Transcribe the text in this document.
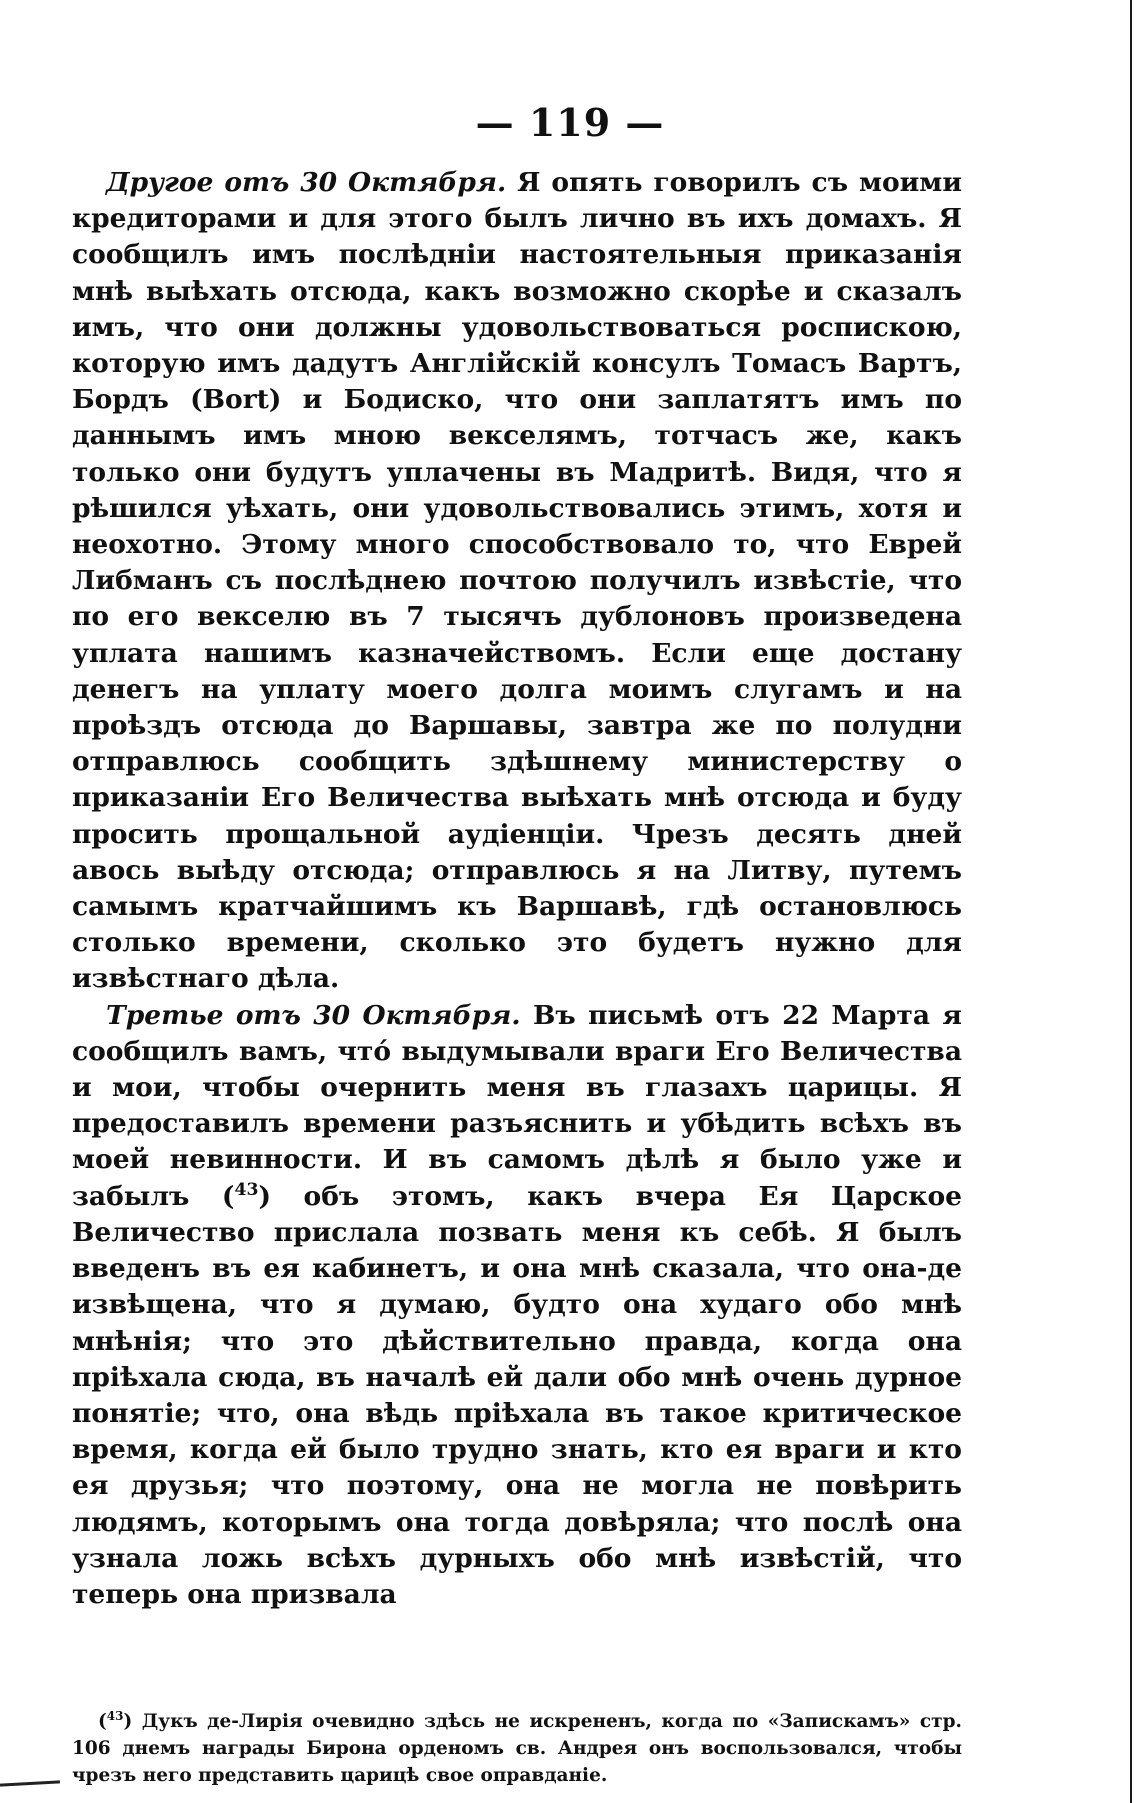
— 119 —

Другое отъ 30 Октября. Я опять говорилъ съ моими кредиторами и для этого былъ лично въ ихъ домахъ. Я сообщилъ имъ послѣдніи настоятельныя приказанія мнѣ выѣхать отсюда, какъ возможно скорѣе и сказалъ имъ, что они должны удовольствоваться роспискою, которую имъ дадутъ Англійскій консулъ Томасъ Вартъ, Бордъ (Bort) и Бодиско, что они заплатятъ имъ по даннымъ имъ мною векселямъ, тотчасъ же, какъ только они будутъ уплачены въ Мадритѣ. Видя, что я рѣшился уѣхать, они удовольствовались этимъ, хотя и неохотно. Этому много способствовало то, что Еврей Либманъ съ послѣднею почтою получилъ извѣстіе, что по его векселю въ 7 тысячъ дублоновъ произведена уплата нашимъ казначействомъ. Если еще достану денегъ на уплату моего долга моимъ слугамъ и на проѣздъ отсюда до Варшавы, завтра же по полудни отправлюсь сообщить здѣшнему министерству о приказаніи Его Величества выѣхать мнѣ отсюда и буду просить прощальной аудіенціи. Чрезъ десять дней авось выѣду отсюда; отправлюсь я на Литву, путемъ самымъ кратчайшимъ къ Варшавѣ, гдѣ остановлюсь столько времени, сколько это будетъ нужно для извѣстнаго дѣла.

Третье отъ 30 Октября. Въ письмѣ отъ 22 Марта я сообщилъ вамъ, что́ выдумывали враги Его Величества и мои, чтобы очернить меня въ глазахъ царицы. Я предоставилъ времени разъяснить и убѣдить всѣхъ въ моей невинности. И въ самомъ дѣлѣ я было уже и забылъ ($^{43}$) объ этомъ, какъ вчера Ея Царское Величество прислала позвать меня къ себѣ. Я былъ введенъ въ ея кабинетъ, и она мнѣ сказала, что она-де извѣщена, что я думаю, будто она худаго обо мнѣ мнѣнія; что это дѣйствительно правда, когда она пріѣхала сюда, въ началѣ ей дали обо мнѣ очень дурное понятіе; что, она вѣдь пріѣхала въ такое критическое время, когда ей было трудно знать, кто ея враги и кто ея друзья; что поэтому, она не могла не повѣрить людямъ, которымъ она тогда довѣряла; что послѣ она узнала ложь всѣхъ дурныхъ обо мнѣ извѣстій, что теперь она призвала

($^{43}$) Дукъ де-Лирія очевидно здѣсь не искрененъ, когда по «Запискамъ» стр. 106 днемъ награды Бирона орденомъ св. Андрея онъ воспользовался, чтобы чрезъ него представить царицѣ свое оправданіе.
